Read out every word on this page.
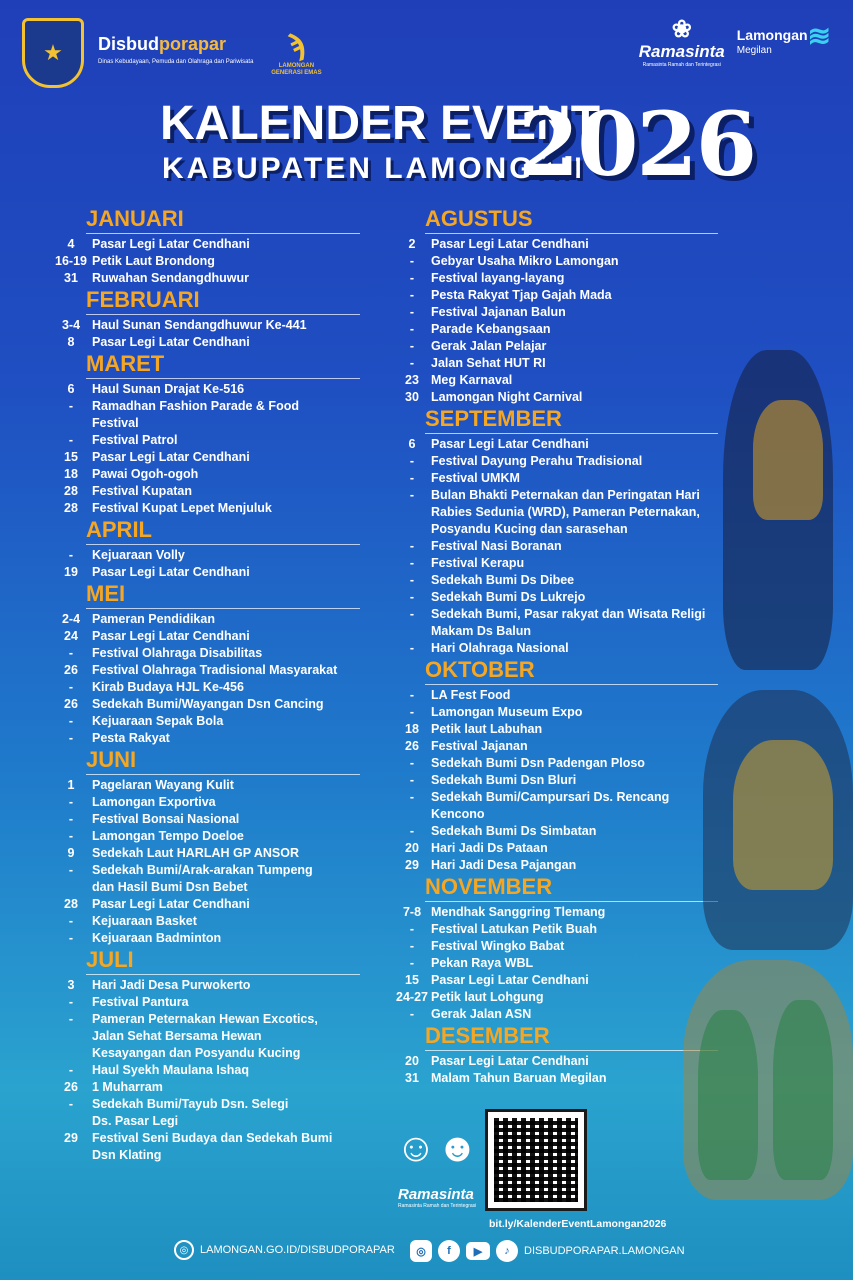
★	Disbudporapar
Dinas Kebudayaan, Pemuda dan Olahraga dan Pariwisata	ϡ
LAMONGAN GENERASI EMAS
❀
Ramasinta
Ramasinta Ramah dan Terintegrasi
Lamongan≋
Megilan
KALENDER EVENT
KABUPATEN LAMONGAN
2026
JANUARI
4	Pasar Legi Latar Cendhani
16-19 Petik Laut Brondong
31	Ruwahan Sendangdhuwur
FEBRUARI
3-4 Haul Sunan Sendangdhuwur Ke-441
8	Pasar Legi Latar Cendhani
MARET
6	Haul Sunan Drajat Ke-516
-	Ramadhan Fashion Parade & Food
Festival
-	Festival Patrol
15	Pasar Legi Latar Cendhani
18	Pawai Ogoh-ogoh
28	Festival Kupatan
28	Festival Kupat Lepet Menjuluk
APRIL
-	Kejuaraan Volly
19	Pasar Legi Latar Cendhani
MEI
2-4 Pameran Pendidikan
24	Pasar Legi Latar Cendhani
-	Festival Olahraga Disabilitas
26	Festival Olahraga Tradisional Masyarakat
-	Kirab Budaya HJL Ke-456
26	Sedekah Bumi/Wayangan Dsn Cancing
-	Kejuaraan Sepak Bola
-	Pesta Rakyat
JUNI
1	Pagelaran Wayang Kulit
-	Lamongan Exportiva
-	Festival Bonsai Nasional
-	Lamongan Tempo Doeloe
9	Sedekah Laut HARLAH GP ANSOR
-	Sedekah Bumi/Arak-arakan Tumpeng
dan Hasil Bumi Dsn Bebet
28	Pasar Legi Latar Cendhani
-	Kejuaraan Basket
-	Kejuaraan Badminton
JULI
3	Hari Jadi Desa Purwokerto
-	Festival Pantura
-	Pameran Peternakan Hewan Excotics,
Jalan Sehat Bersama Hewan
Kesayangan dan Posyandu Kucing
-	Haul Syekh Maulana Ishaq
26	1 Muharram
-	Sedekah Bumi/Tayub Dsn. Selegi
Ds. Pasar Legi
29	Festival Seni Budaya dan Sedekah Bumi
Dsn Klating
AGUSTUS
2	Pasar Legi Latar Cendhani
-	Gebyar Usaha Mikro Lamongan
-	Festival layang-layang
-	Pesta Rakyat Tjap Gajah Mada
-	Festival Jajanan Balun
-	Parade Kebangsaan
-	Gerak Jalan Pelajar
-	Jalan Sehat HUT RI
23 Meg Karnaval
30 Lamongan Night Carnival
SEPTEMBER
6	Pasar Legi Latar Cendhani
-	Festival Dayung Perahu Tradisional
-	Festival UMKM
-	Bulan Bhakti Peternakan dan Peringatan Hari
Rabies Sedunia (WRD), Pameran Peternakan,
Posyandu Kucing dan sarasehan
-	Festival Nasi Boranan
-	Festival Kerapu
-	Sedekah Bumi Ds Dibee
-	Sedekah Bumi Ds Lukrejo
-	Sedekah Bumi, Pasar rakyat dan Wisata Religi
Makam Ds Balun
-	Hari Olahraga Nasional
OKTOBER
-	LA Fest Food
-	Lamongan Museum Expo
18 Petik laut Labuhan
26 Festival Jajanan
-	Sedekah Bumi Dsn Padengan Ploso
-	Sedekah Bumi Dsn Bluri
-	Sedekah Bumi/Campursari Ds. Rencang Kencono
-	Sedekah Bumi Ds Simbatan
20 Hari Jadi Ds Pataan
29 Hari Jadi Desa Pajangan
NOVEMBER
7-8 Mendhak Sanggring Tlemang
-	Festival Latukan Petik Buah
-	Festival Wingko Babat
-	Pekan Raya WBL
15 Pasar Legi Latar Cendhani
24-27 Petik laut Lohgung
-	Gerak Jalan ASN
DESEMBER
20 Pasar Legi Latar Cendhani
31 Malam Tahun Baruan Megilan
☺☻
Ramasinta
Ramasinta Ramah dan Terintegrasi
bit.ly/KalenderEventLamongan2026
◎	LAMONGAN.GO.ID/DISBUDPORAPAR	◎	f	▶	♪	DISBUDPORAPAR.LAMONGAN
